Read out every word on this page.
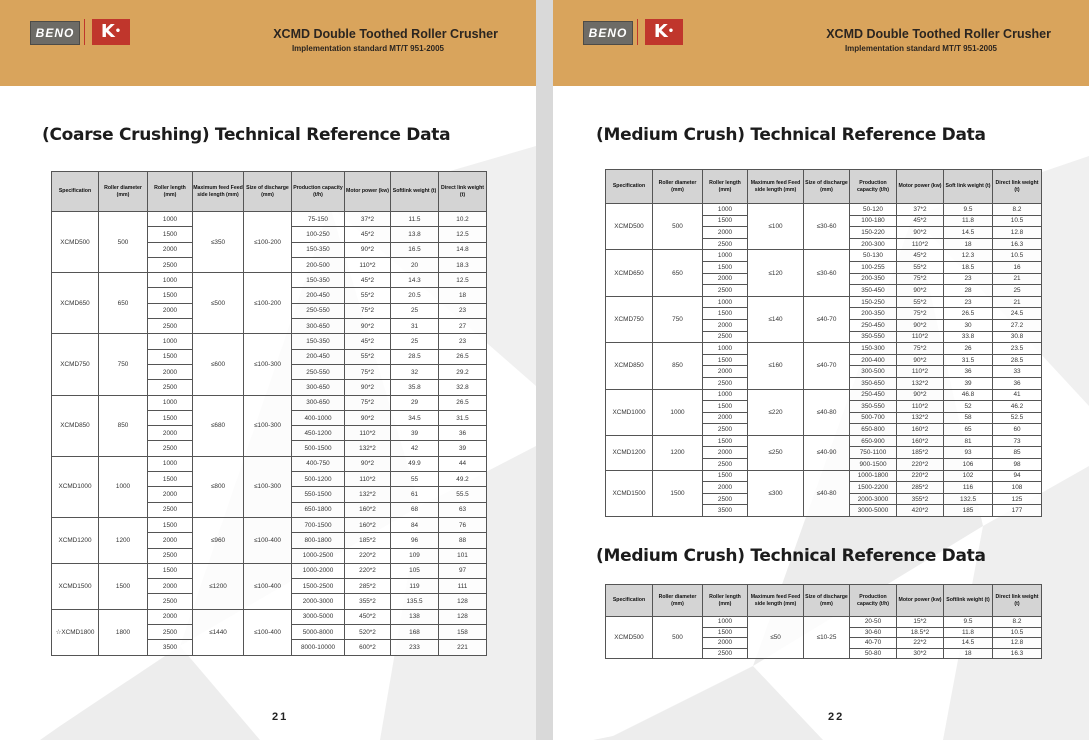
BENO	K•	XCMD Double Toothed Roller Crusher
Implementation standard MT/T 951-2005
(Coarse Crushing) Technical Reference Data
Specification	Roller diameter (mm)	Roller length (mm)	Maximum feed Feed side length (mm)	Size of discharge (mm)	Production capacity (t/h)	Motor power (kw)	Softlink weight (t)	Direct link weight (t)
XCMD500	500	1000	≤350	≤100-200	75-150	37*2	11.5	10.2
		1500			100-250	45*2	13.8	12.5
		2000			150-350	90*2	16.5	14.8
		2500			200-500	110*2	20	18.3
XCMD650	650	1000	≤500	≤100-200	150-350	45*2	14.3	12.5
		1500			200-450	55*2	20.5	18
		2000			250-550	75*2	25	23
		2500			300-650	90*2	31	27
XCMD750	750	1000	≤600	≤100-300	150-350	45*2	25	23
		1500			200-450	55*2	28.5	26.5
		2000			250-550	75*2	32	29.2
		2500			300-650	90*2	35.8	32.8
XCMD850	850	1000	≤680	≤100-300	300-650	75*2	29	26.5
		1500			400-1000	90*2	34.5	31.5
		2000			450-1200	110*2	39	36
		2500			500-1500	132*2	42	39
XCMD1000	1000	1000	≤800	≤100-300	400-750	90*2	49.9	44
		1500			500-1200	110*2	55	49.2
		2000			550-1500	132*2	61	55.5
		2500			650-1800	160*2	68	63
XCMD1200	1200	1500	≤960	≤100-400	700-1500	160*2	84	76
		2000			800-1800	185*2	96	88
		2500			1000-2500	220*2	109	101
XCMD1500	1500	1500	≤1200	≤100-400	1000-2000	220*2	105	97
		2000			1500-2500	285*2	119	111
		2500			2000-3000	355*2	135.5	128
☆XCMD1800	1800	2000	≤1440	≤100-400	3000-5000	450*2	138	128
		2500			5000-8000	520*2	168	158
		3500			8000-10000	600*2	233	221
21
BENO	K•	XCMD Double Toothed Roller Crusher
Implementation standard MT/T 951-2005
(Medium Crush) Technical Reference Data
Specification	Roller diameter (mm)	Roller length (mm)	Maximum feed Feed side length (mm)	Size of discharge (mm)	Production capacity (t/h)	Motor power (kw)	Soft link weight (t)	Direct link weight (t)
XCMD500	500	1000	≤100	≤30-60	50-120	37*2	9.5	8.2
		1500			100-180	45*2	11.8	10.5
		2000			150-220	90*2	14.5	12.8
		2500			200-300	110*2	18	16.3
XCMD650	650	1000	≤120	≤30-60	50-130	45*2	12.3	10.5
		1500			100-255	55*2	18.5	16
		2000			200-350	75*2	23	21
		2500			350-450	90*2	28	25
XCMD750	750	1000	≤140	≤40-70	150-250	55*2	23	21
		1500			200-350	75*2	26.5	24.5
		2000			250-450	90*2	30	27.2
		2500			350-550	110*2	33.8	30.8
XCMD850	850	1000	≤160	≤40-70	150-300	75*2	26	23.5
		1500			200-400	90*2	31.5	28.5
		2000			300-500	110*2	36	33
		2500			350-650	132*2	39	36
XCMD1000	1000	1000	≤220	≤40-80	250-450	90*2	46.8	41
		1500			350-550	110*2	52	46.2
		2000			500-700	132*2	58	52.5
		2500			650-800	160*2	65	60
XCMD1200	1200	1500	≤250	≤40-90	650-900	160*2	81	73
		2000			750-1100	185*2	93	85
		2500			900-1500	220*2	106	98
XCMD1500	1500	1500	≤300	≤40-80	1000-1800	220*2	102	94
		2000			1500-2200	285*2	116	108
		2500			2000-3000	355*2	132.5	125
		3500			3000-5000	420*2	185	177
(Medium Crush) Technical Reference Data
Specification	Roller diameter (mm)	Roller length (mm)	Maximum feed Feed side length (mm)	Size of discharge (mm)	Production capacity (t/h)	Motor power (kw)	Softlink weight (t)	Direct link weight (t)
XCMD500	500	1000	≤50	≤10-25	20-50	15*2	9.5	8.2
		1500			30-60	18.5*2	11.8	10.5
		2000			40-70	22*2	14.5	12.8
		2500			50-80	30*2	18	16.3
22
